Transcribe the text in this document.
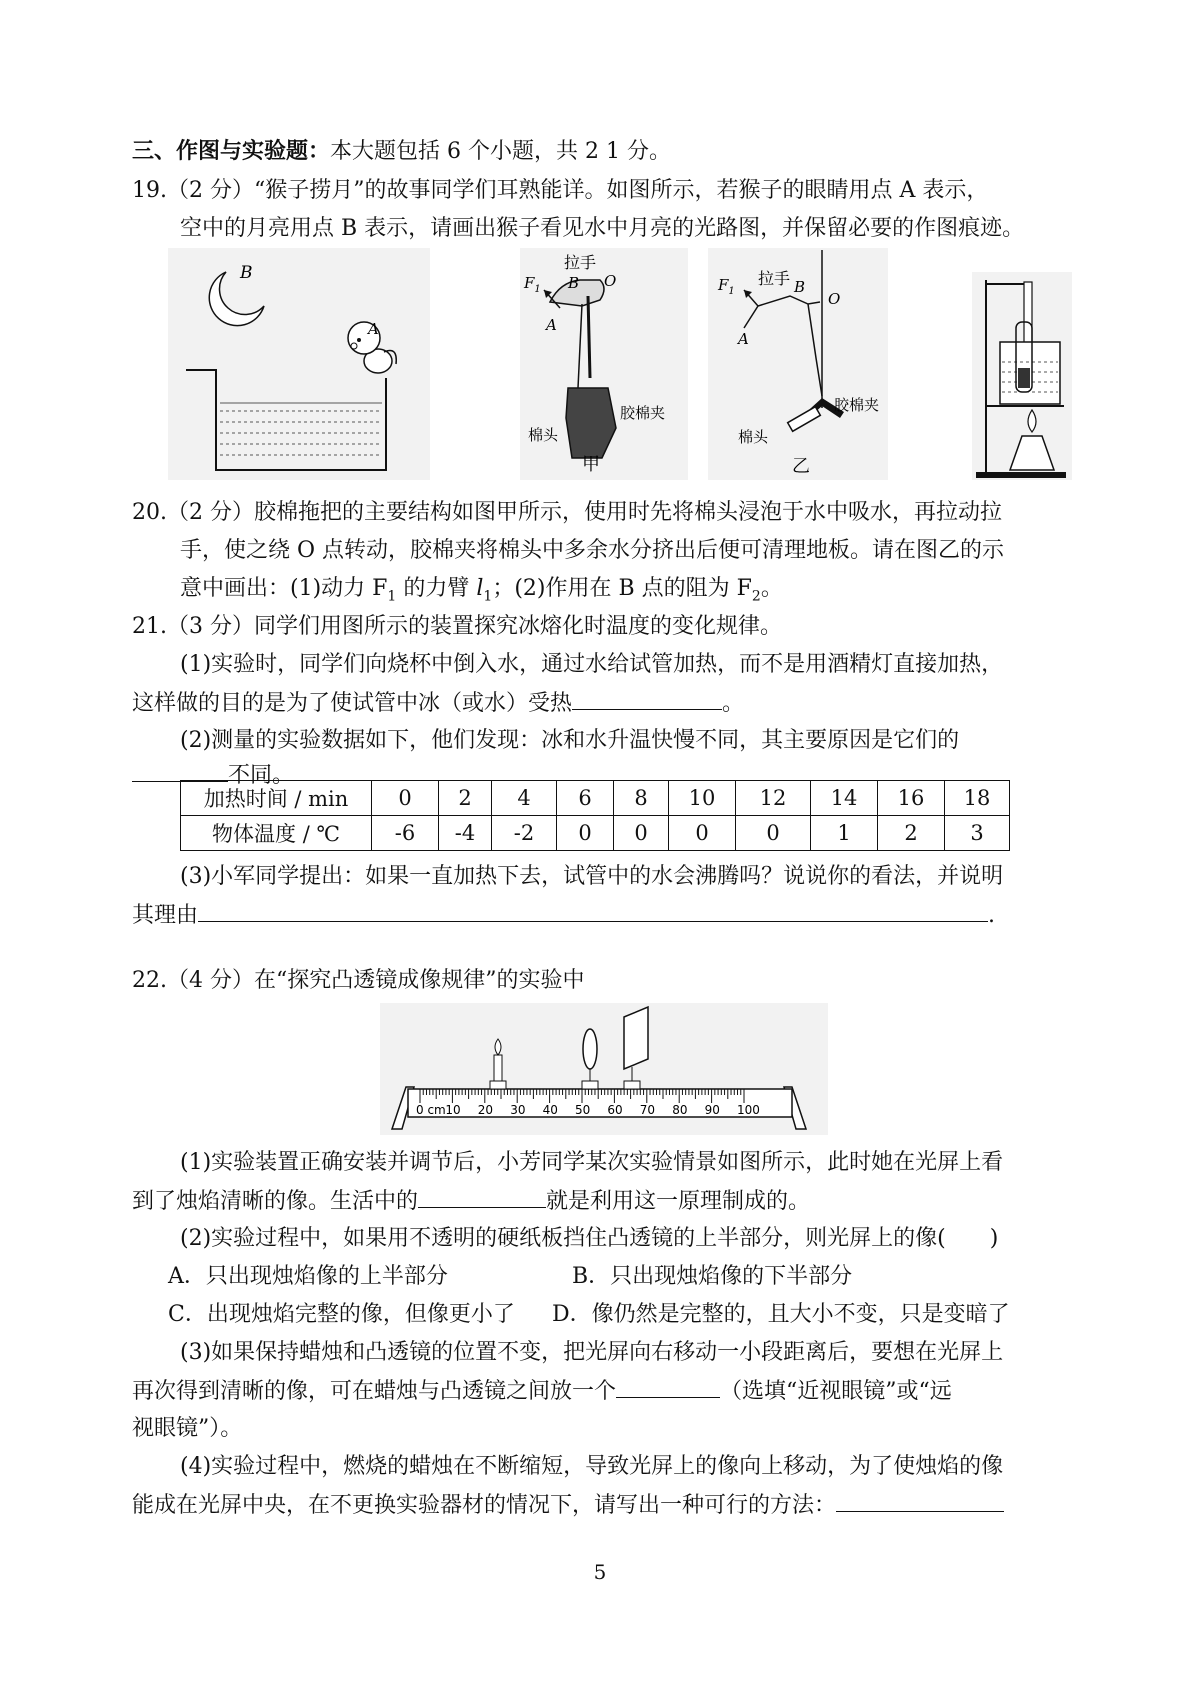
三、作图与实验题：本大题包括 6 个小题，共 2 1 分。
19.（2 分）“猴子捞月”的故事同学们耳熟能详。如图所示，若猴子的眼睛用点 A 表示，
空中的月亮用点 B 表示，请画出猴子看见水中月亮的光路图，并保留必要的作图痕迹。
B
A
拉手
$F_1$ B O
A
胶棉夹
棉头
甲
$F_1$
拉手 B
O
A
胶棉夹
棉头
乙
20.（2 分）胶棉拖把的主要结构如图甲所示，使用时先将棉头浸泡于水中吸水，再拉动拉
手，使之绕 O 点转动，胶棉夹将棉头中多余水分挤出后便可清理地板。请在图乙的示
意中画出：(1)动力 $F_1$ 的力臂 $l_1$；(2)作用在 B 点的阻为 $F_2$。
21.（3 分）同学们用图所示的装置探究冰熔化时温度的变化规律。
(1)实验时，同学们向烧杯中倒入水，通过水给试管加热，而不是用酒精灯直接加热，
这样做的目的是为了使试管中冰（或水）受热	。
(2)测量的实验数据如下，他们发现：冰和水升温快慢不同，其主要原因是它们的
不同。
加热时间 / min	0	2	4	6	8	10	12	14	16	18
物体温度 / ℃	-6	-4	-2	0	0	0	0	1	2	3
(3)小军同学提出：如果一直加热下去，试管中的水会沸腾吗？说说你的看法，并说明
其理由	.
22.（4 分）在“探究凸透镜成像规律”的实验中
0 cm 10 20 30 40 50 60 70 80 90 100
(1)实验装置正确安装并调节后，小芳同学某次实验情景如图所示，此时她在光屏上看
到了烛焰清晰的像。生活中的	就是利用这一原理制成的。
(2)实验过程中，如果用不透明的硬纸板挡住凸透镜的上半部分，则光屏上的像(　　)
A．只出现烛焰像的上半部分	B．只出现烛焰像的下半部分
C．出现烛焰完整的像，但像更小了 D．像仍然是完整的，且大小不变，只是变暗了
(3)如果保持蜡烛和凸透镜的位置不变，把光屏向右移动一小段距离后，要想在光屏上
再次得到清晰的像，可在蜡烛与凸透镜之间放一个	（选填“近视眼镜”或“远
视眼镜”）。
(4)实验过程中，燃烧的蜡烛在不断缩短，导致光屏上的像向上移动，为了使烛焰的像
能成在光屏中央，在不更换实验器材的情况下，请写出一种可行的方法：
5
